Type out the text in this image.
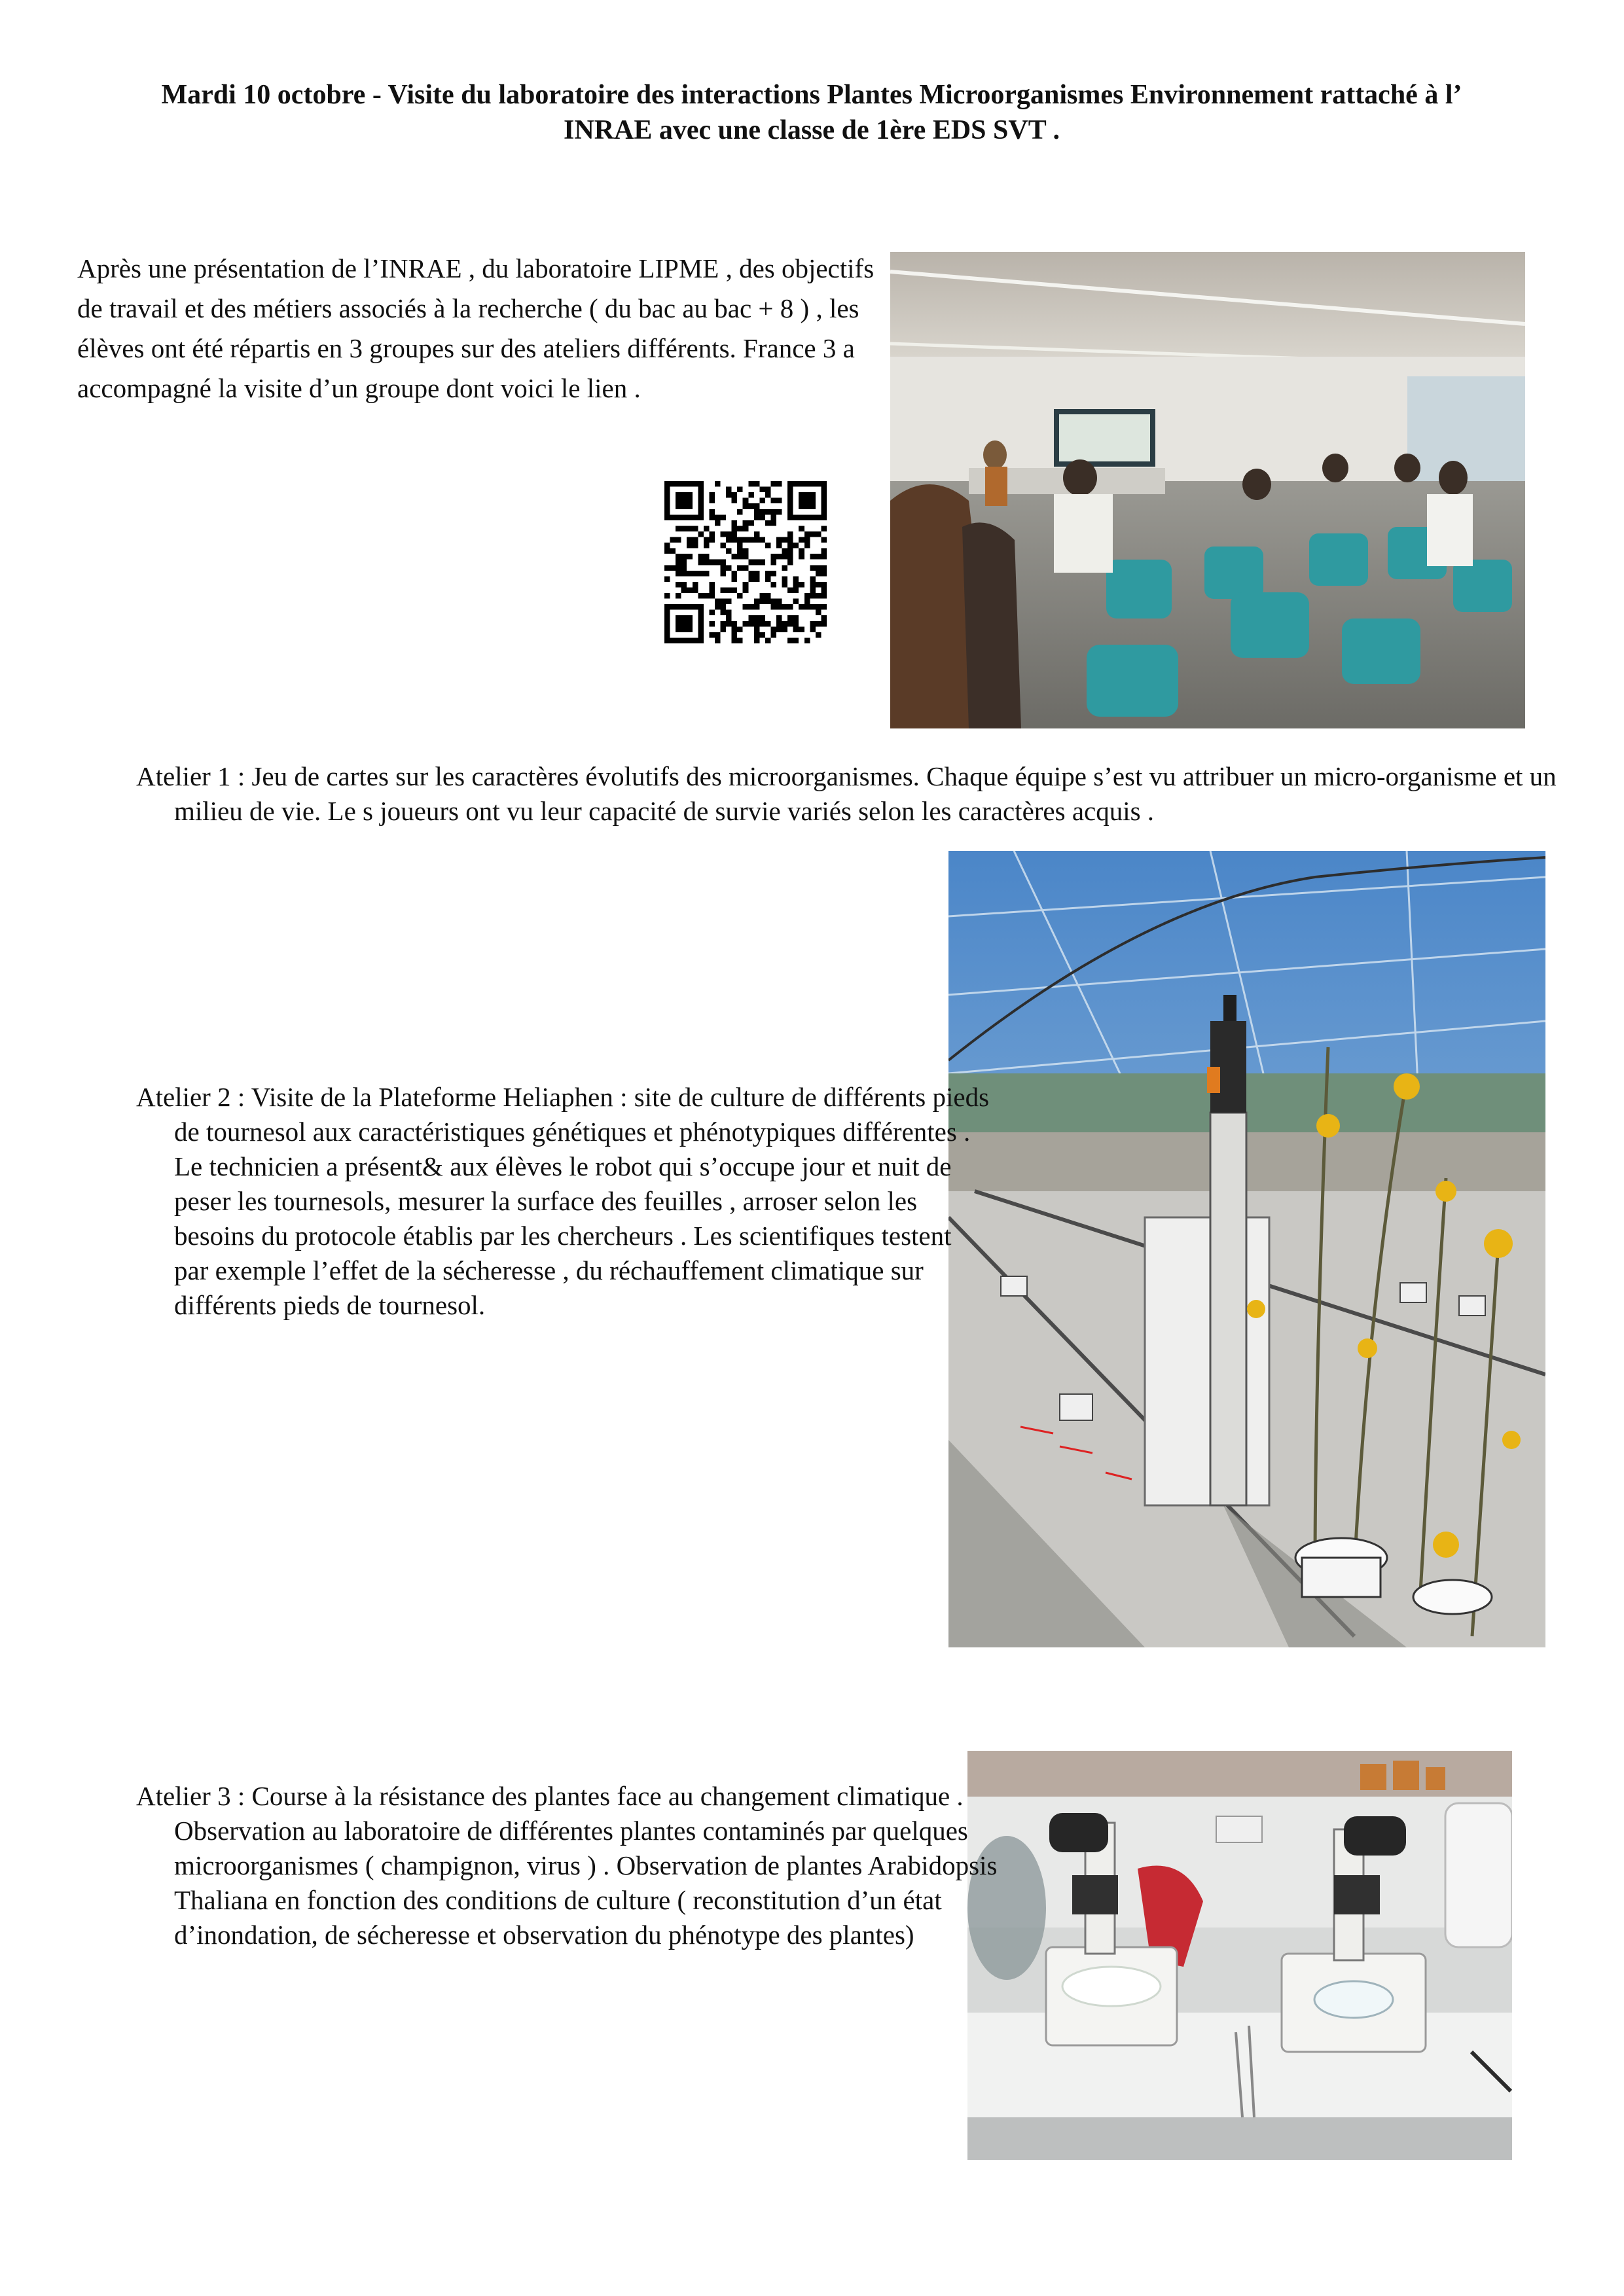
Mardi 10 octobre - Visite du laboratoire des interactions Plantes Microorganismes Environnement rattaché à l’
INRAE avec une classe de 1ère EDS SVT .
Après une présentation de l’INRAE , du laboratoire LIPME , des objectifs de travail et des métiers associés à la recherche ( du bac au bac + 8 ) , les élèves ont été répartis en 3 groupes sur des ateliers différents. France 3 a accompagné la visite d’un groupe dont voici le lien .
Atelier 1 : Jeu de cartes sur les caractères évolutifs des microorganismes. Chaque équipe s’est vu attribuer un micro-organisme et un milieu de vie. Le s joueurs ont vu leur capacité de survie variés selon les caractères acquis .
Atelier 2 : Visite de la Plateforme Heliaphen : site de culture de différents pieds de tournesol aux caractéristiques génétiques et phénotypiques différentes . Le technicien a présent& aux élèves le robot qui s’occupe jour et nuit de peser les tournesols, mesurer la surface des feuilles , arroser selon les besoins du protocole établis par les chercheurs . Les scientifiques testent par exemple l’effet de la sécheresse , du réchauffement climatique sur différents pieds de tournesol.
Atelier 3 : Course à la résistance des plantes face au changement climatique . Observation au laboratoire de différentes plantes contaminés par quelques microorganismes ( champignon, virus ) . Observation de plantes Arabidopsis Thaliana en fonction des conditions de culture ( reconstitution d’un état d’inondation, de sécheresse et observation du phénotype des plantes)
